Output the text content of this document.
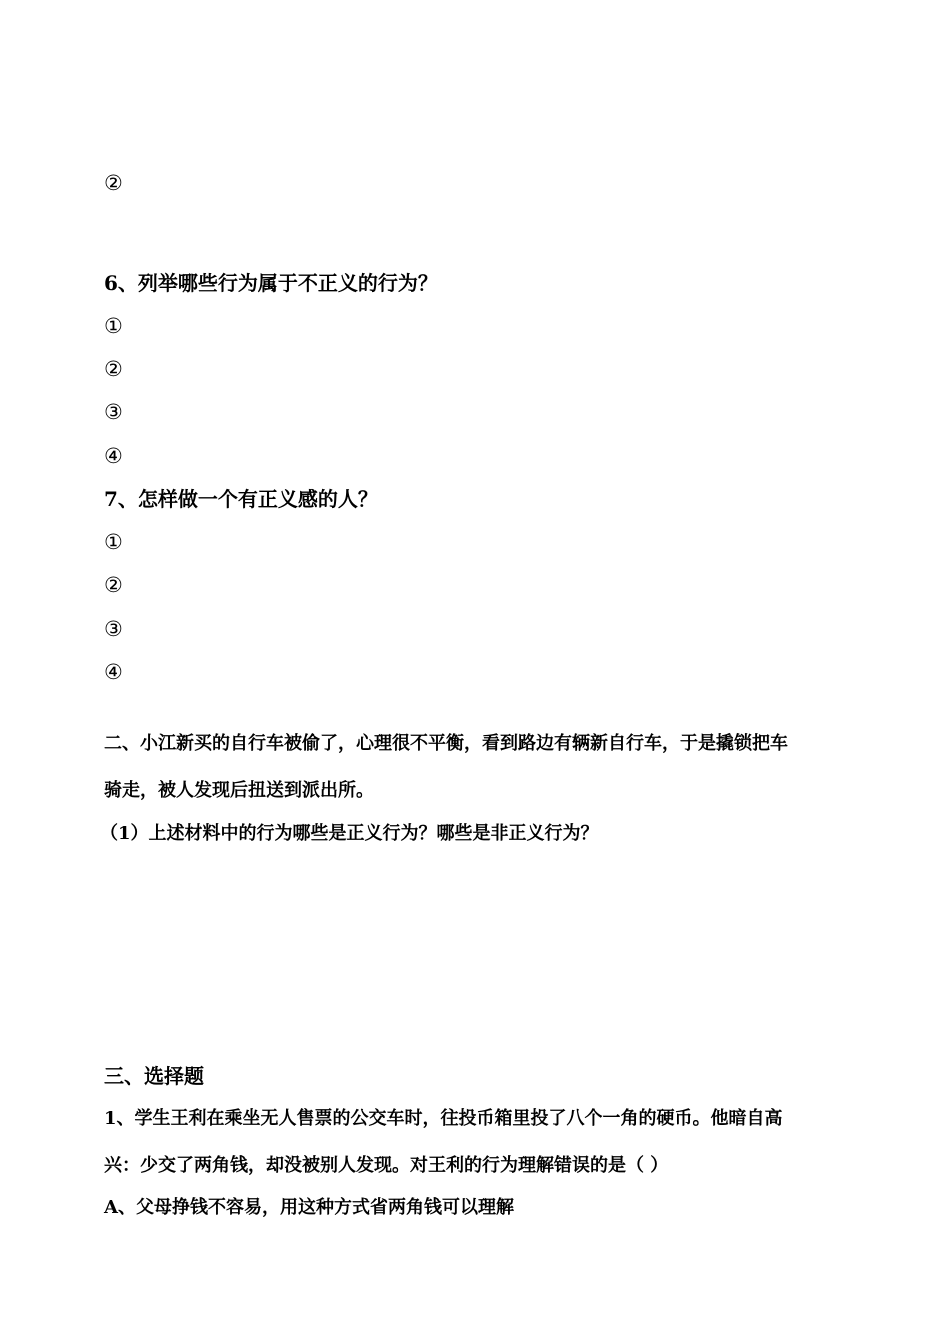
②
6、列举哪些行为属于不正义的行为？
①
②
③
④
7、怎样做一个有正义感的人？
①
②
③
④
二、小江新买的自行车被偷了，心理很不平衡，看到路边有辆新自行车，于是撬锁把车
骑走，被人发现后扭送到派出所。
（1）上述材料中的行为哪些是正义行为？哪些是非正义行为？
三、选择题
1、学生王利在乘坐无人售票的公交车时，往投币箱里投了八个一角的硬币。他暗自高
兴：少交了两角钱，却没被别人发现。对王利的行为理解错误的是（ ）
A、父母挣钱不容易，用这种方式省两角钱可以理解
